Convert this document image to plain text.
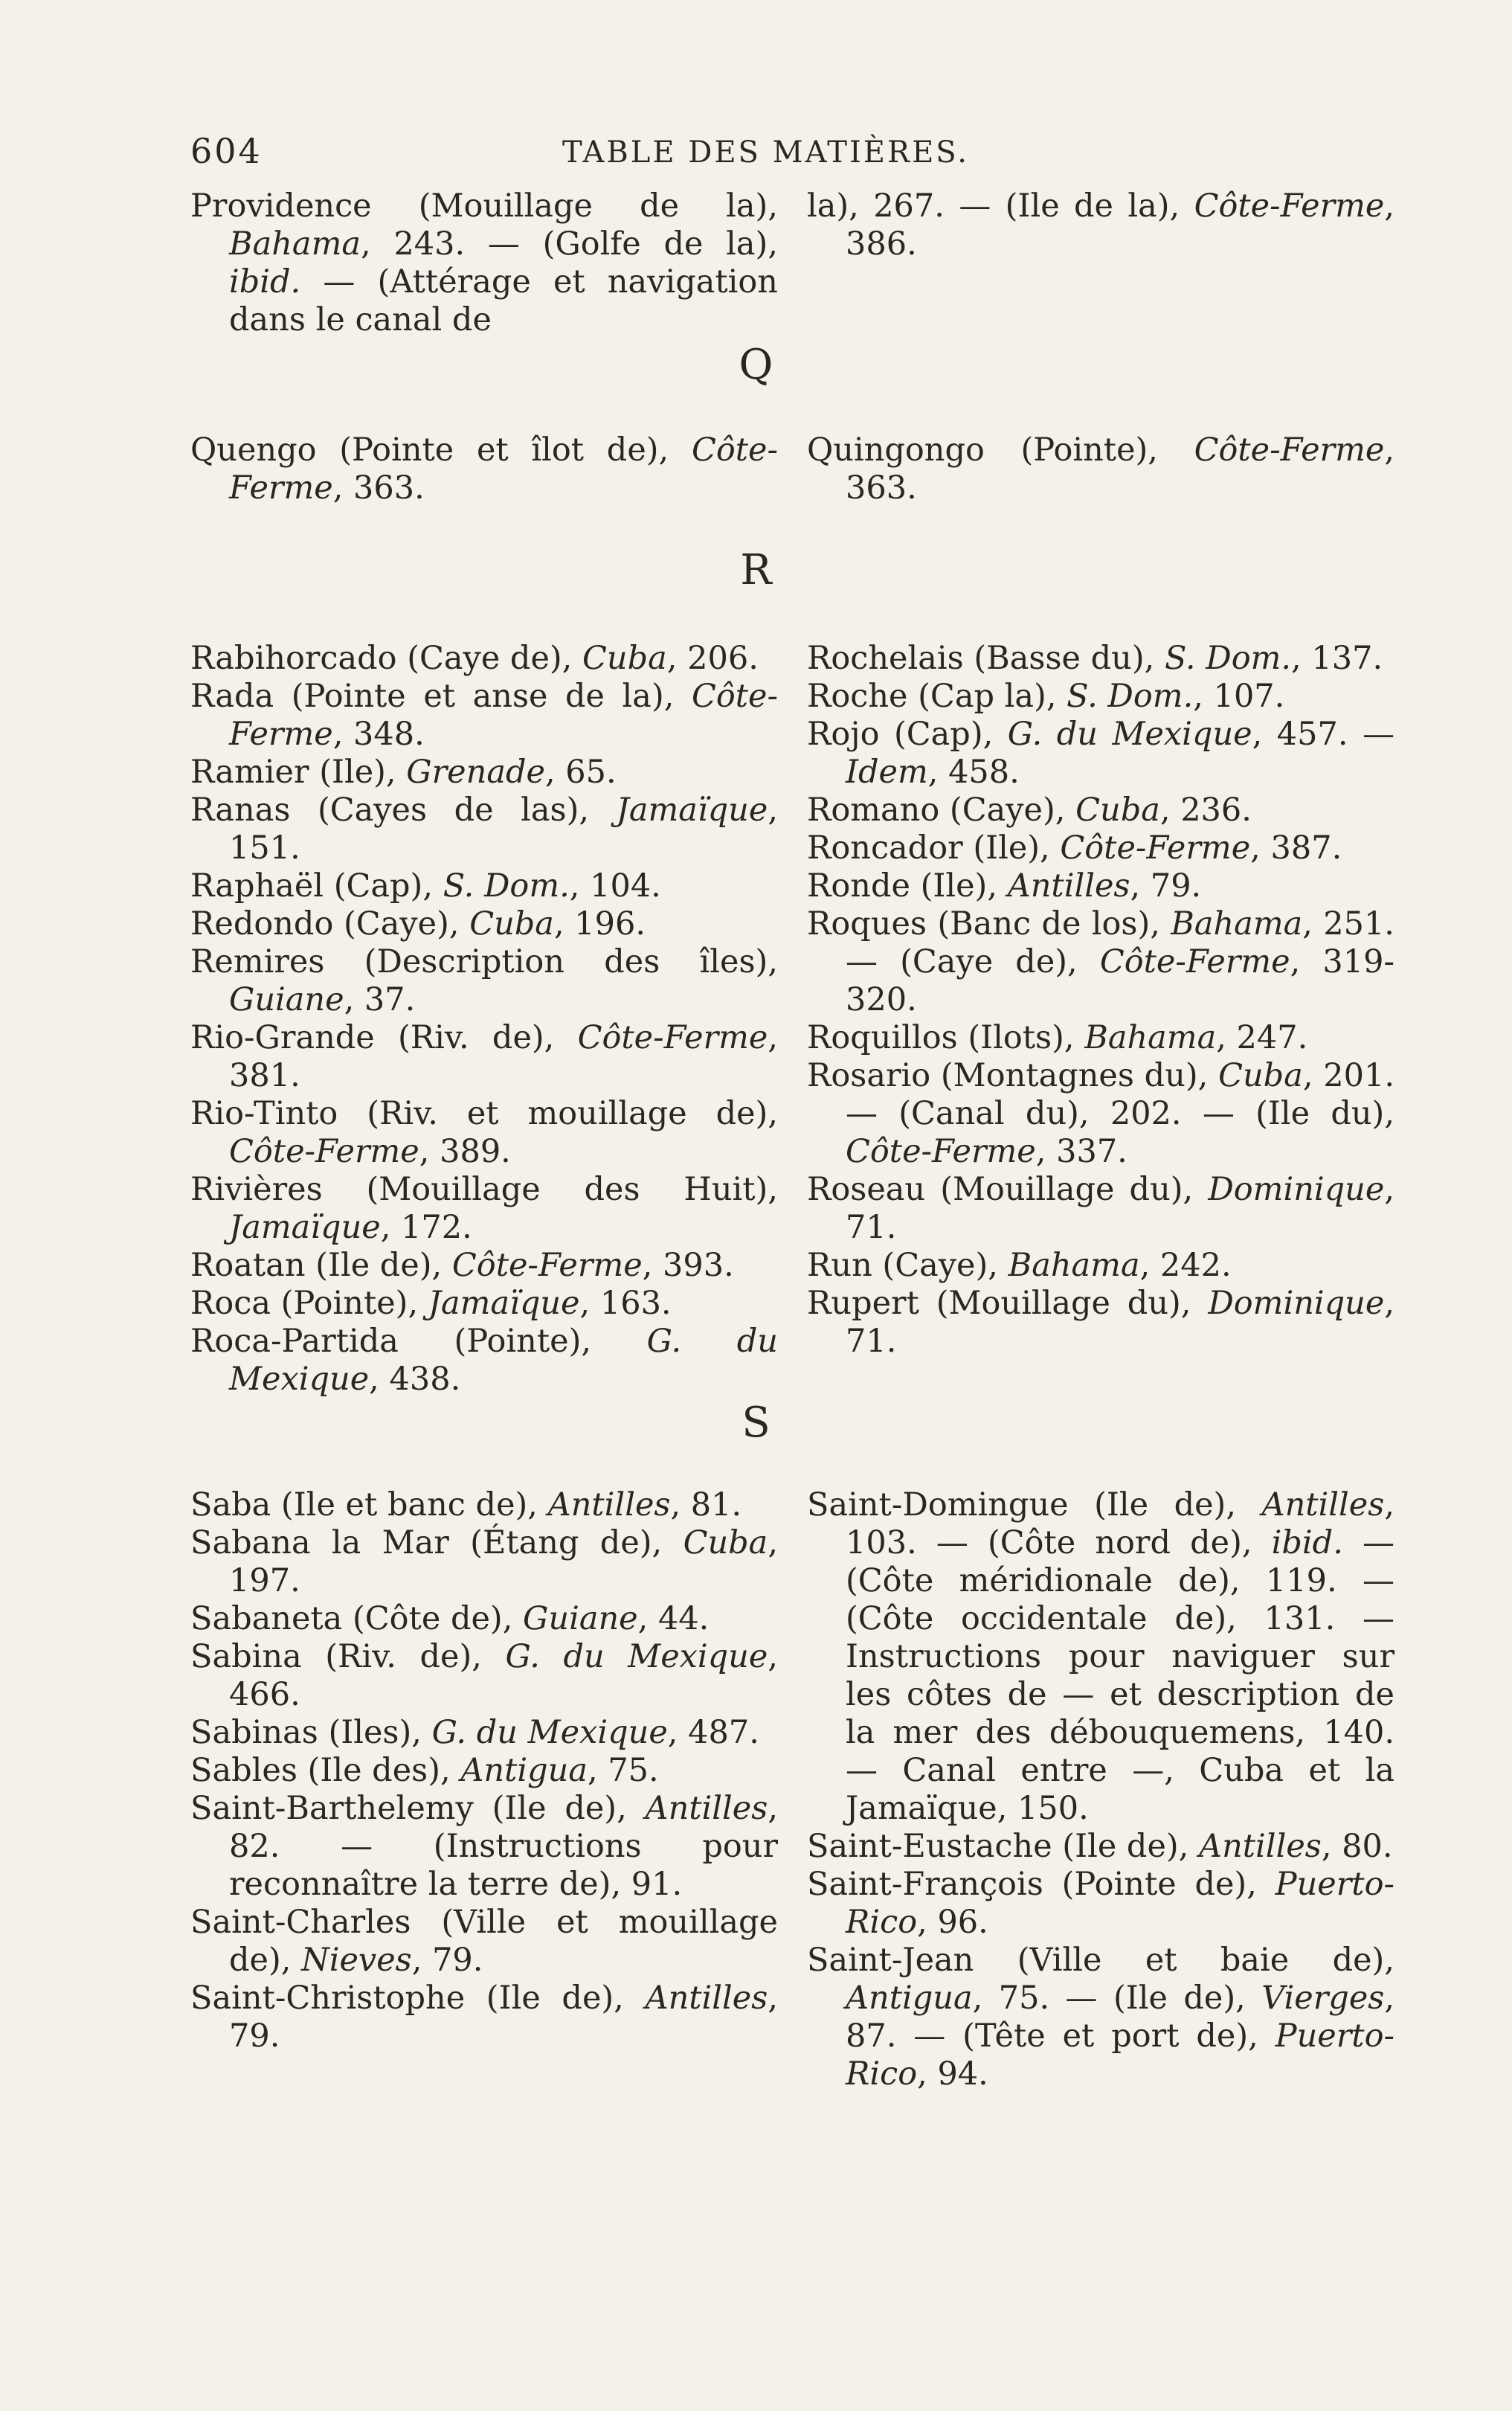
604	TABLE DES MATIÈRES.
Providence (Mouillage de la), Bahama, 243. — (Golfe de la), ibid. — (Attérage et navigation dans le canal de
la), 267. — (Ile de la), Côte-Ferme, 386.
Q
Quengo (Pointe et îlot de), Côte-Ferme, 363.
Quingongo (Pointe), Côte-Ferme, 363.
R
Rabihorcado (Caye de), Cuba, 206.
Rada (Pointe et anse de la), Côte-Ferme, 348.
Ramier (Ile), Grenade, 65.
Ranas (Cayes de las), Jamaïque, 151.
Raphaël (Cap), S. Dom., 104.
Redondo (Caye), Cuba, 196.
Remires (Description des îles), Guiane, 37.
Rio-Grande (Riv. de), Côte-Ferme, 381.
Rio-Tinto (Riv. et mouillage de), Côte-Ferme, 389.
Rivières (Mouillage des Huit), Jamaïque, 172.
Roatan (Ile de), Côte-Ferme, 393.
Roca (Pointe), Jamaïque, 163.
Roca-Partida (Pointe), G. du Mexique, 438.
Rochelais (Basse du), S. Dom., 137.
Roche (Cap la), S. Dom., 107.
Rojo (Cap), G. du Mexique, 457. — Idem, 458.
Romano (Caye), Cuba, 236.
Roncador (Ile), Côte-Ferme, 387.
Ronde (Ile), Antilles, 79.
Roques (Banc de los), Bahama, 251. — (Caye de), Côte-Ferme, 319-320.
Roquillos (Ilots), Bahama, 247.
Rosario (Montagnes du), Cuba, 201. — (Canal du), 202. — (Ile du), Côte-Ferme, 337.
Roseau (Mouillage du), Dominique, 71.
Run (Caye), Bahama, 242.
Rupert (Mouillage du), Dominique, 71.
S
Saba (Ile et banc de), Antilles, 81.
Sabana la Mar (Étang de), Cuba, 197.
Sabaneta (Côte de), Guiane, 44.
Sabina (Riv. de), G. du Mexique, 466.
Sabinas (Iles), G. du Mexique, 487.
Sables (Ile des), Antigua, 75.
Saint-Barthelemy (Ile de), Antilles, 82. — (Instructions pour reconnaître la terre de), 91.
Saint-Charles (Ville et mouillage de), Nieves, 79.
Saint-Christophe (Ile de), Antilles, 79.
Saint-Domingue (Ile de), Antilles, 103. — (Côte nord de), ibid. — (Côte méridionale de), 119. — (Côte occidentale de), 131. — Instructions pour naviguer sur les côtes de — et description de la mer des débouquemens, 140. — Canal entre —, Cuba et la Jamaïque, 150.
Saint-Eustache (Ile de), Antilles, 80.
Saint-François (Pointe de), Puerto-Rico, 96.
Saint-Jean (Ville et baie de), Antigua, 75. — (Ile de), Vierges, 87. — (Tête et port de), Puerto-Rico, 94.
